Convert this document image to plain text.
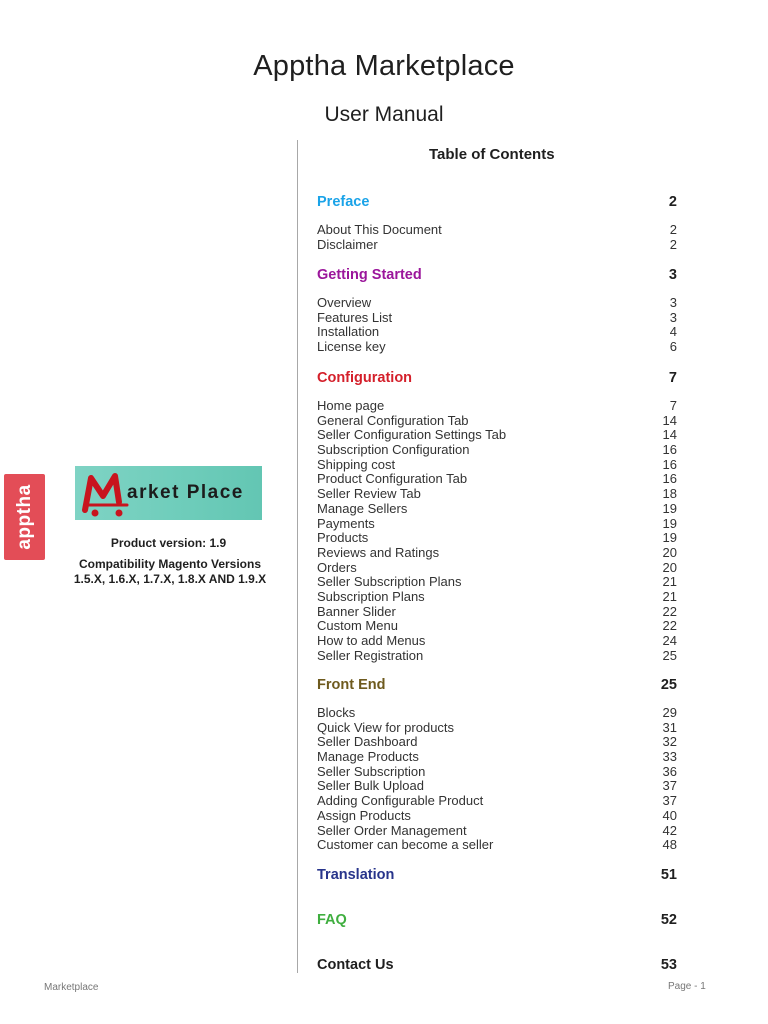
Apptha Marketplace
User Manual
Table of Contents
Preface	2
About This Document	2
Disclaimer	2
Getting Started	3
Overview	3
Features List	3
Installation	4
License key	6
Configuration	7
Home page	7
General Configuration Tab	14
Seller Configuration Settings Tab	14
Subscription Configuration	16
Shipping cost	16
Product Configuration Tab	16
Seller Review Tab	18
Manage Sellers	19
Payments	19
Products	19
Reviews and Ratings	20
Orders	20
Seller Subscription Plans	21
Subscription Plans	21
Banner Slider	22
Custom Menu	22
How to add Menus	24
Seller Registration	25
Front End	25
Blocks	29
Quick View for products	31
Seller Dashboard	32
Manage Products	33
Seller Subscription	36
Seller Bulk Upload	37
Adding Configurable Product	37
Assign Products	40
Seller Order Management	42
Customer can become a seller	48
Translation	51
FAQ	52
Contact Us	53
apptha	arket Place
Product version: 1.9
Compatibility Magento Versions
1.5.X, 1.6.X, 1.7.X, 1.8.X AND 1.9.X
Marketplace	Page - 1
